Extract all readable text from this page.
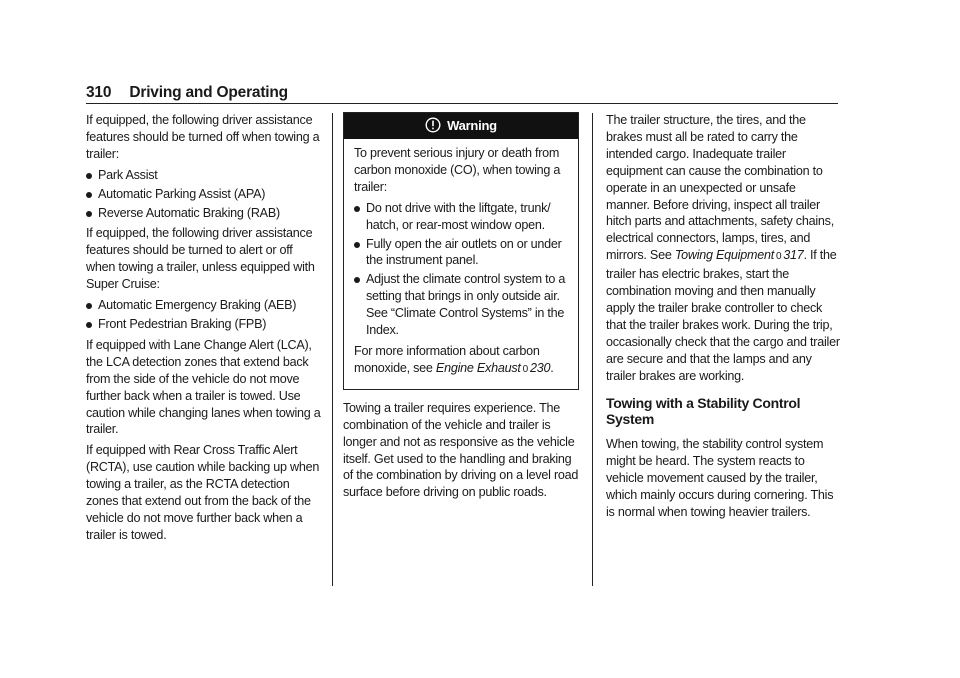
310 Driving and Operating

If equipped, the following driver assistance features should be turned off when towing a trailer:

Park Assist
Automatic Parking Assist (APA)
Reverse Automatic Braking (RAB)

If equipped, the following driver assistance features should be turned to alert or off when towing a trailer, unless equipped with Super Cruise:

Automatic Emergency Braking (AEB)
Front Pedestrian Braking (FPB)

If equipped with Lane Change Alert (LCA), the LCA detection zones that extend back from the side of the vehicle do not move further back when a trailer is towed. Use caution while changing lanes when towing a trailer.

If equipped with Rear Cross Traffic Alert (RCTA), use caution while backing up when towing a trailer, as the RCTA detection zones that extend out from the back of the vehicle do not move further back when a trailer is towed.

Warning

To prevent serious injury or death from carbon monoxide (CO), when towing a trailer:

Do not drive with the liftgate, trunk/ hatch, or rear-most window open.
Fully open the air outlets on or under the instrument panel.
Adjust the climate control system to a setting that brings in only outside air. See “Climate Control Systems” in the Index.

For more information about carbon monoxide, see Engine Exhaust 0 230.

Towing a trailer requires experience. The combination of the vehicle and trailer is longer and not as responsive as the vehicle itself. Get used to the handling and braking of the combination by driving on a level road surface before driving on public roads.

The trailer structure, the tires, and the brakes must all be rated to carry the intended cargo. Inadequate trailer equipment can cause the combination to operate in an unexpected or unsafe manner. Before driving, inspect all trailer hitch parts and attachments, safety chains, electrical connectors, lamps, tires, and mirrors. See Towing Equipment 0 317. If the trailer has electric brakes, start the combination moving and then manually apply the trailer brake controller to check that the trailer brakes work. During the trip, occasionally check that the cargo and trailer are secure and that the lamps and any trailer brakes are working.

Towing with a Stability Control System

When towing, the stability control system might be heard. The system reacts to vehicle movement caused by the trailer, which mainly occurs during cornering. This is normal when towing heavier trailers.
